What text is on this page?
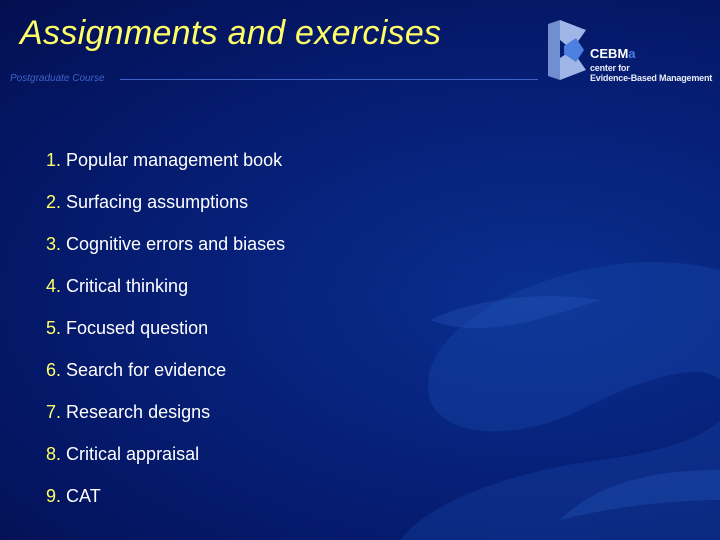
Assignments and exercises
Postgraduate Course
CEBMa
center for
Evidence-Based Management
1. Popular management book
2. Surfacing assumptions
3. Cognitive errors and biases
4. Critical thinking
5. Focused question
6. Search for evidence
7. Research designs
8. Critical appraisal
9. CAT
